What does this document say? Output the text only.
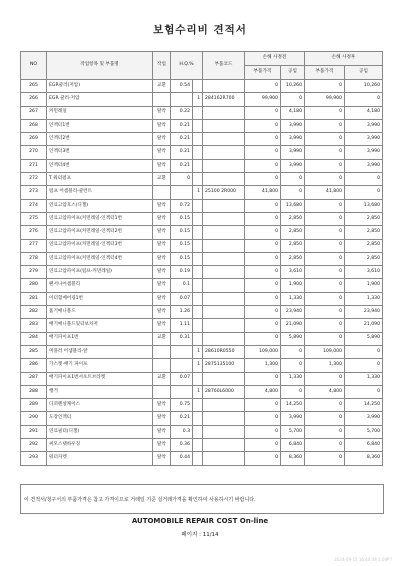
보험수리비 견적서
NO	작업항목 및 부품명	작업	H.Q.%		부품코드	손해 사정전		손해 사정후	
						부품가격	공임	부품가격	공임
265	EGR쿨러(저압)	교환	0.54			0	10,260	0	10,260
266	EGR 쿨러-저압			1	284162R700	99,900	0	99,900	0
267	커먼레일	탈착	0.22			0	4,180	0	4,180
268	인젝터1번	탈착	0.21			0	3,990	0	3,990
269	인젝터2번	탈착	0.21			0	3,990	0	3,990
270	인젝터3번	탈착	0.21			0	3,990	0	3,990
271	인젝터4번	탈착	0.21			0	3,990	0	3,990
272	T 워터펌프	교환	0			0	0	0	0
273	펌프 어셈블리-쿨런트			1	25100 2R000	41,800	0	41,800	0
274	연료고압호스(디젤)	탈착	0.72			0	13,680	0	13,680
275	연료고압파이프(커먼레일-인젝터1번	탈착	0.15			0	2,850	0	2,850
276	연료고압파이프(커먼레일-인젝터2번	탈착	0.15			0	2,850	0	2,850
277	연료고압파이프(커먼레일-인젝터3번	탈착	0.15			0	2,850	0	2,850
278	연료고압파이프(커먼레일-인젝터4번	탈착	0.15			0	2,850	0	2,850
279	연료고압파이프(펌프-커먼레일)	탈착	0.19			0	3,610	0	3,610
280	팬서나어셈블리	탈착	0.1			0	1,900	0	1,900
281	이터혈베어링1번	탈착	0.07			0	1,330	0	1,330
282	흡기매니폴드	탈착	1.26			0	23,940	0	23,940
283	배기매니폴드및터보차저	탈착	1.11			0	21,090	0	21,090
284	배기파이프1번	교환	0.31			0	5,890	0	5,890
285	머플러 어셈블리-앞			1	28610R0550	109,000	0	109,000	0
286	가스켓-배기 파이프			1	2875135100	1,300	0	1,300	0
287	배기파이프1번서포트브라켓	교환	0.07			0	1,330	0	1,330
288	행거			1	28760L6000	4,800	0	4,800	0
289	디퍼렌셜케이스	탈착	0.75			0	14,250	0	14,250
290	도장인젝터	탈착	0.21			0	3,990	0	3,990
291	연료필터(디젤)	탈착	0.3			0	5,700	0	5,700
292	써모스탯하우징	탈착	0.36			0	6,840	0	6,840
293	워터자켓	탈착	0.44			0	8,360	0	8,360
이 견적서/청구서의 부품가격은 참고 가격이므로 거래일 기준 실거래가격을 확인하여 사용하시기 바랍니다.
AUTOMOBILE REPAIR COST On-line
페이지 : 11/14
2024-09-15 16:40:34 1:09P7
